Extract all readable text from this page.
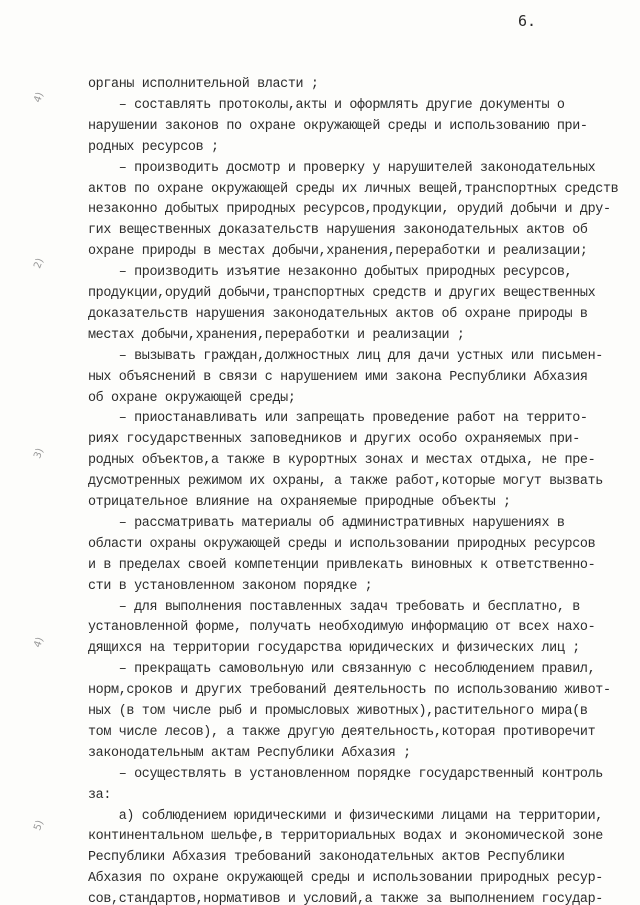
6.
4)
2)
3)
4)
5)
органы исполнительной власти ;
– составлять протоколы,акты и оформлять другие документы о
нарушении законов по охране окружающей среды и использованию при-
родных ресурсов ;
– производить досмотр и проверку у нарушителей законодательных
актов по охране окружающей среды их личных вещей,транспортных средств
незаконно добытых природных ресурсов,продукции, орудий добычи и дру-
гих вещественных доказательств нарушения законодательных актов об
охране природы в местах добычи,хранения,переработки и реализации;
– производить изъятие незаконно добытых природных ресурсов,
продукции,орудий добычи,транспортных средств и других вещественных
доказательств нарушения законодательных актов об охране природы в
местах добычи,хранения,переработки и реализации ;
– вызывать граждан,должностных лиц для дачи устных или письмен-
ных объяснений в связи с нарушением ими закона Республики Абхазия
об охране окружающей среды;
– приостанавливать или запрещать проведение работ на террито-
риях государственных заповедников и других особо охраняемых при-
родных объектов,а также в курортных зонах и местах отдыха, не пре-
дусмотренных режимом их охраны, а также работ,которые могут вызвать
отрицательное влияние на охраняемые природные объекты ;
– рассматривать материалы об административных нарушениях в
области охраны окружающей среды и использовании природных ресурсов
и в пределах своей компетенции привлекать виновных к ответственно-
сти в установленном законом порядке ;
– для выполнения поставленных задач требовать и бесплатно, в
установленной форме, получать необходимую информацию от всех нахо-
дящихся на территории государства юридических и физических лиц ;
– прекращать самовольную или связанную с несоблюдением правил,
норм,сроков и других требований деятельность по использованию живот-
ных (в том числе рыб и промысловых животных),растительного мира(в
том числе лесов), а также другую деятельность,которая противоречит
законодательным актам Республики Абхазия ;
– осуществлять в установленном порядке государственный контроль
за:
а) соблюдением юридическими и физическими лицами на территории,
континентальном шельфе,в территориальных водах и экономической зоне
Республики Абхазия требований законодательных актов Республики
Абхазия по охране окружающей среды и использовании природных ресур-
сов,стандартов,нормативов и условий,а также за выполнением государ-
